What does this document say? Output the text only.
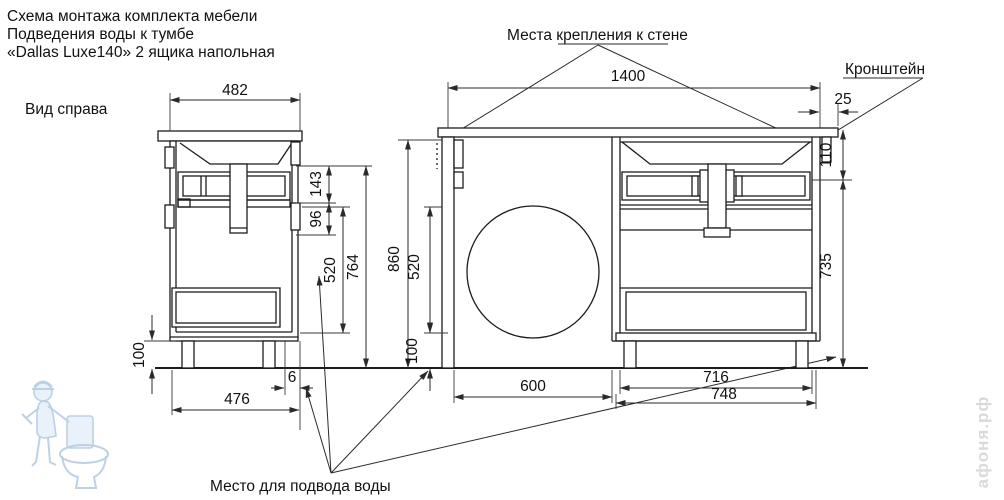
афоня.рф
Схема монтажа комплекта мебели
Подведения воды к тумбе
«Dallas Luxe140» 2 ящика напольная
Вид справа
Места крепления к стене
Кронштейн
Место для подвода воды
482
143
96
520 764
100
6
476
1400
25
110
735
860 520
100
600
716
748
